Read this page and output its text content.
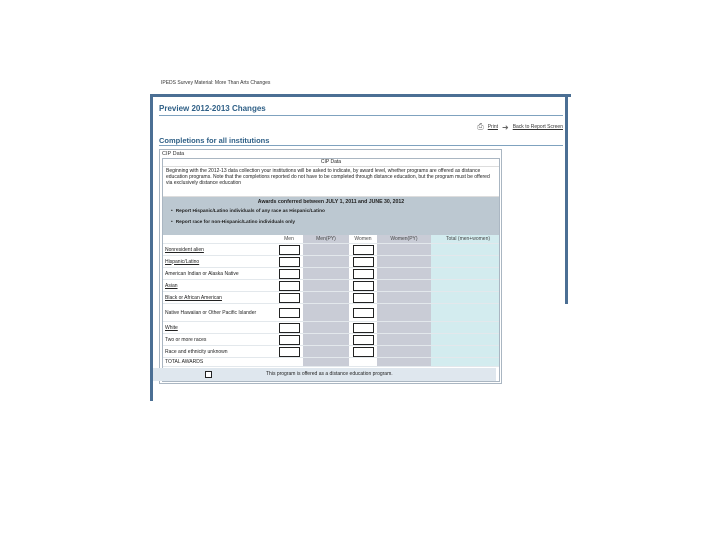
IPEDS Survey Material: More Than Arts Changes
Preview 2012-2013 Changes
⎙ Print ➜ Back to Report Screen
Completions for all institutions
CIP Data
CIP Data
Beginning with the 2012-13 data collection your institutions will be asked to indicate, by award level, whether programs are offered as distance education programs. Note that the completions reported do not have to be completed through distance education, but the program must be offered via exclusively distance education
Awards conferred between JULY 1, 2011 and JUNE 30, 2012
• Report Hispanic/Latino individuals of any race as Hispanic/Latino
• Report race for non-Hispanic/Latino individuals only
	Men	Men(PY)	Women	Women(PY)	Total (men+women)
Nonresident alien	

Hispanic/Latino	

American Indian or Alaska Native	

Asian	

Black or African American	

Native Hawaiian or Other Pacific Islander	

White	

Two or more races	

Race and ethnicity unknown	

TOTAL AWARDS					
This program is offered as a distance education program.
